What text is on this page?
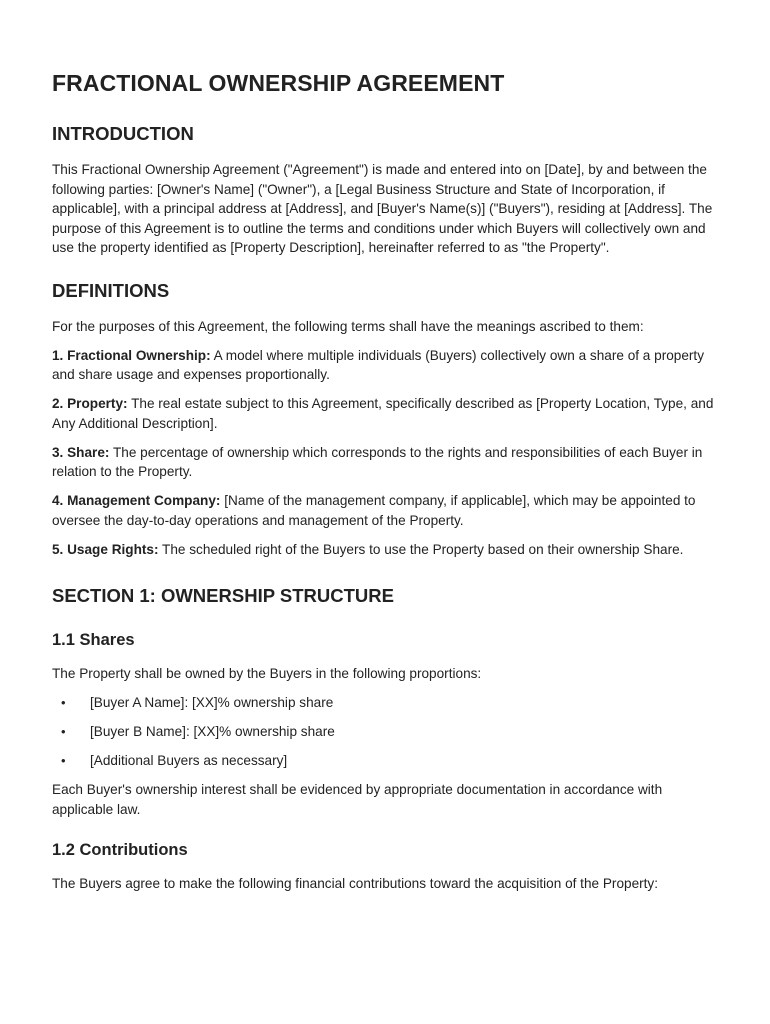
FRACTIONAL OWNERSHIP AGREEMENT
INTRODUCTION

This Fractional Ownership Agreement ("Agreement") is made and entered into on [Date], by and between the following parties: [Owner's Name] ("Owner"), a [Legal Business Structure and State of Incorporation, if applicable], with a principal address at [Address], and [Buyer's Name(s)] ("Buyers"), residing at [Address]. The purpose of this Agreement is to outline the terms and conditions under which Buyers will collectively own and use the property identified as [Property Description], hereinafter referred to as "the Property".

DEFINITIONS

For the purposes of this Agreement, the following terms shall have the meanings ascribed to them:

1. Fractional Ownership: A model where multiple individuals (Buyers) collectively own a share of a property and share usage and expenses proportionally.

2. Property: The real estate subject to this Agreement, specifically described as [Property Location, Type, and Any Additional Description].

3. Share: The percentage of ownership which corresponds to the rights and responsibilities of each Buyer in relation to the Property.

4. Management Company: [Name of the management company, if applicable], which may be appointed to oversee the day-to-day operations and management of the Property.

5. Usage Rights: The scheduled right of the Buyers to use the Property based on their ownership Share.

SECTION 1: OWNERSHIP STRUCTURE
1.1 Shares

The Property shall be owned by the Buyers in the following proportions:

• [Buyer A Name]: [XX]% ownership share
• [Buyer B Name]: [XX]% ownership share
• [Additional Buyers as necessary]

Each Buyer's ownership interest shall be evidenced by appropriate documentation in accordance with applicable law.

1.2 Contributions

The Buyers agree to make the following financial contributions toward the acquisition of the Property:
